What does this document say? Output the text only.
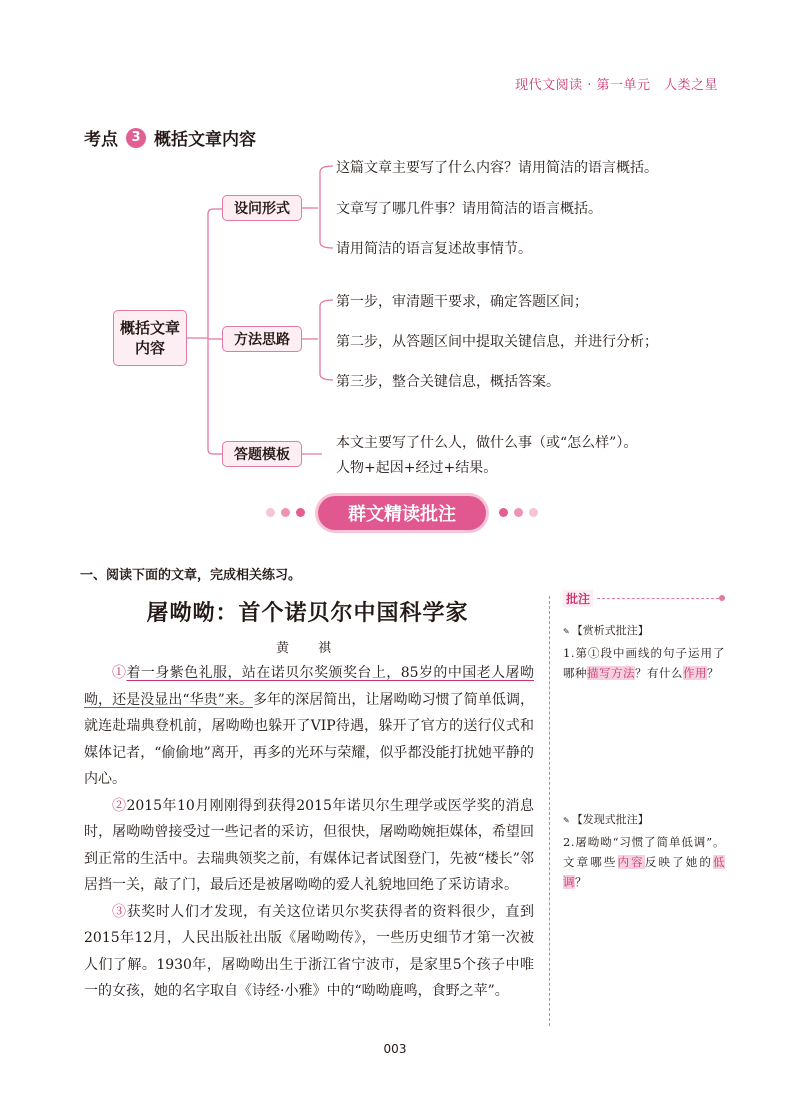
现代文阅读 · 第一单元　人类之星
考点	3 概括文章内容
概括文章内容
设问形式
这篇文章主要写了什么内容？请用简洁的语言概括。
文章写了哪几件事？请用简洁的语言概括。
请用简洁的语言复述故事情节。
方法思路
第一步，审清题干要求，确定答题区间；
第二步，从答题区间中提取关键信息，并进行分析；
第三步，整合关键信息，概括答案。
答题模板
本文主要写了什么人，做什么事（或“怎么样”）。
人物+起因+经过+结果。
群文精读批注
一、阅读下面的文章，完成相关练习。
屠呦呦：首个诺贝尔中国科学家
黄　祺

①着一身紫色礼服，站在诺贝尔奖颁奖台上，85岁的中国老人屠呦呦，还是没显出“华贵”来。多年的深居简出，让屠呦呦习惯了简单低调，就连赴瑞典登机前，屠呦呦也躲开了VIP待遇，躲开了官方的送行仪式和媒体记者，“偷偷地”离开，再多的光环与荣耀，似乎都没能打扰她平静的内心。

②2015年10月刚刚得到获得2015年诺贝尔生理学或医学奖的消息时，屠呦呦曾接受过一些记者的采访，但很快，屠呦呦婉拒媒体，希望回到正常的生活中。去瑞典领奖之前，有媒体记者试图登门，先被“楼长”邻居挡一关，敲了门，最后还是被屠呦呦的爱人礼貌地回绝了采访请求。

③获奖时人们才发现，有关这位诺贝尔奖获得者的资料很少，直到2015年12月，人民出版社出版《屠呦呦传》，一些历史细节才第一次被人们了解。1930年，屠呦呦出生于浙江省宁波市，是家里5个孩子中唯一的女孩，她的名字取自《诗经·小雅》中的“呦呦鹿鸣，食野之苹”。

批注
✎ 【赏析式批注】
1.第①段中画线的句子运用了哪种描写方法？有什么作用？
✎ 【发现式批注】
2.屠呦呦“习惯了简单低调”。文章哪些内容反映了她的低调？
003
